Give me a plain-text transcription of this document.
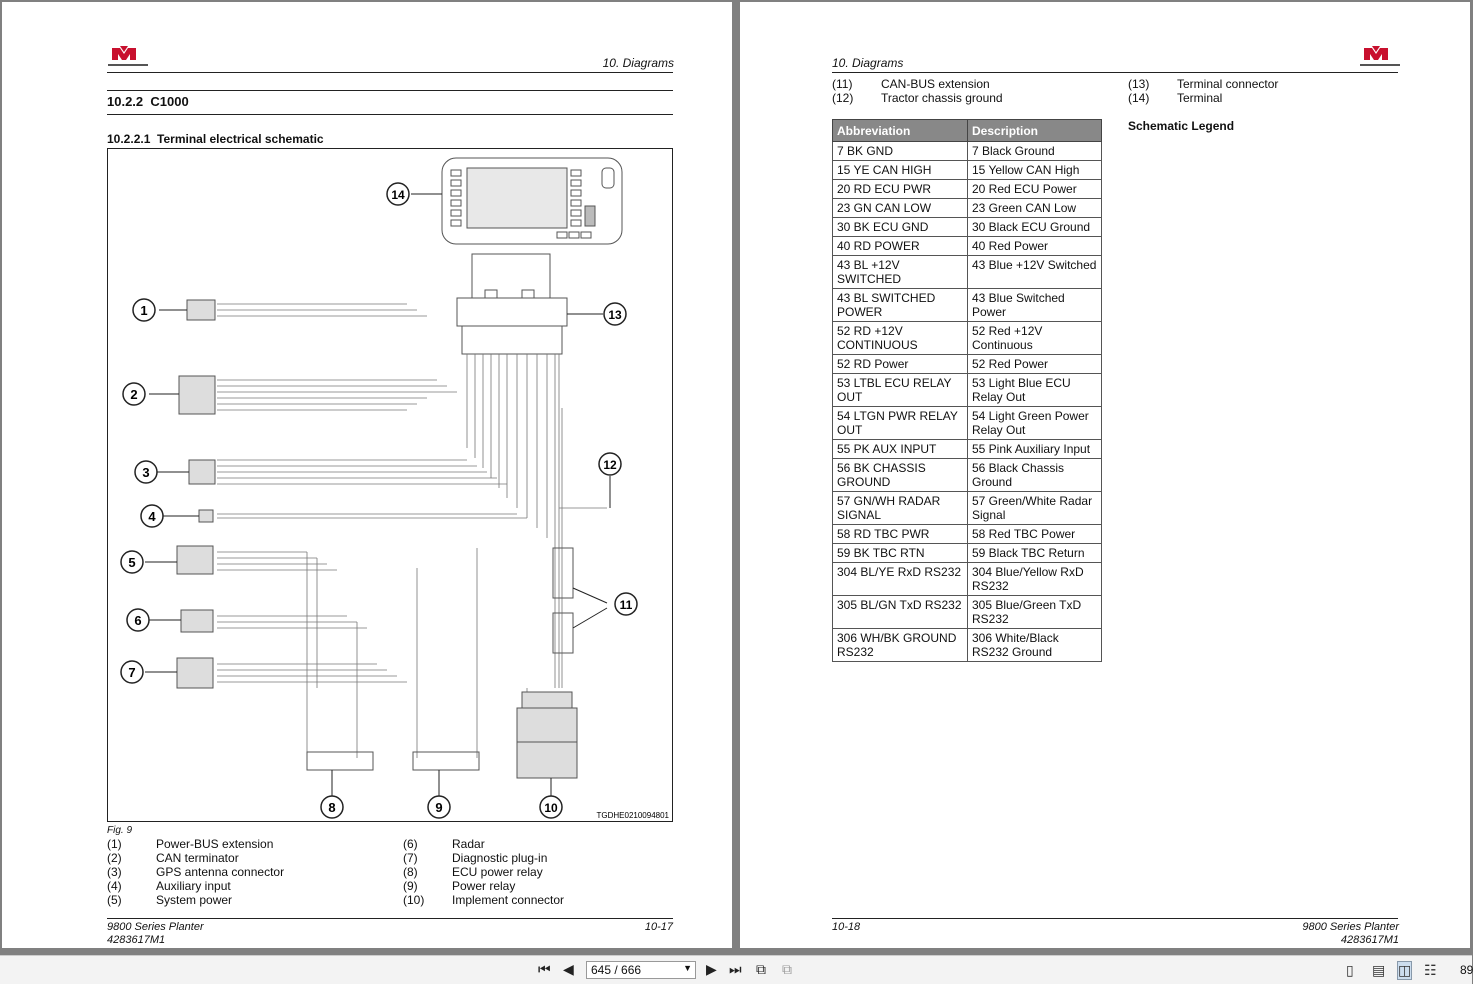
10. Diagrams
10.2.2 C1000
10.2.2.1 Terminal electrical schematic
1
2
3
4
5
6
7
8	9	10
11
12
13
14
TGDHE0210094801
Fig. 9
(1)	Power-BUS extension
(2)	CAN terminator
(3)	GPS antenna connector
(4)	Auxiliary input
(5)	System power
(6)	Radar
(7)	Diagnostic plug-in
(8)	ECU power relay
(9)	Power relay
(10)	Implement connector
9800 Series Planter
4283617M1
10-17
10. Diagrams
(11)	CAN-BUS extension
(12)	Tractor chassis ground
(13)	Terminal connector
(14)	Terminal
Abbreviation	Description
7 BK GND	7 Black Ground
15 YE CAN HIGH	15 Yellow CAN High
20 RD ECU PWR	20 Red ECU Power
23 GN CAN LOW	23 Green CAN Low
30 BK ECU GND	30 Black ECU Ground
40 RD POWER	40 Red Power
43 BL +12V SWITCHED	43 Blue +12V Switched
43 BL SWITCHED POWER	43 Blue Switched Power
52 RD +12V CONTINUOUS	52 Red +12V Continuous
52 RD Power	52 Red Power
53 LTBL ECU RELAY OUT	53 Light Blue ECU Relay Out
54 LTGN PWR RELAY OUT	54 Light Green Power Relay Out
55 PK AUX INPUT	55 Pink Auxiliary Input
56 BK CHASSIS GROUND	56 Black Chassis Ground
57 GN/WH RADAR SIGNAL	57 Green/White Radar Signal
58 RD TBC PWR	58 Red TBC Power
59 BK TBC RTN	59 Black TBC Return
304 BL/YE RxD RS232	304 Blue/Yellow RxD RS232
305 BL/GN TxD RS232	305 Blue/Green TxD RS232
306 WH/BK GROUND RS232	306 White/Black RS232 Ground
Schematic Legend
10-18	9800 Series Planter
4283617M1
⏮ ◀	645 / 666	▼ ▶ ⏭ ⧉ ⧉	▯ ▤ ◫ ☷ 89
